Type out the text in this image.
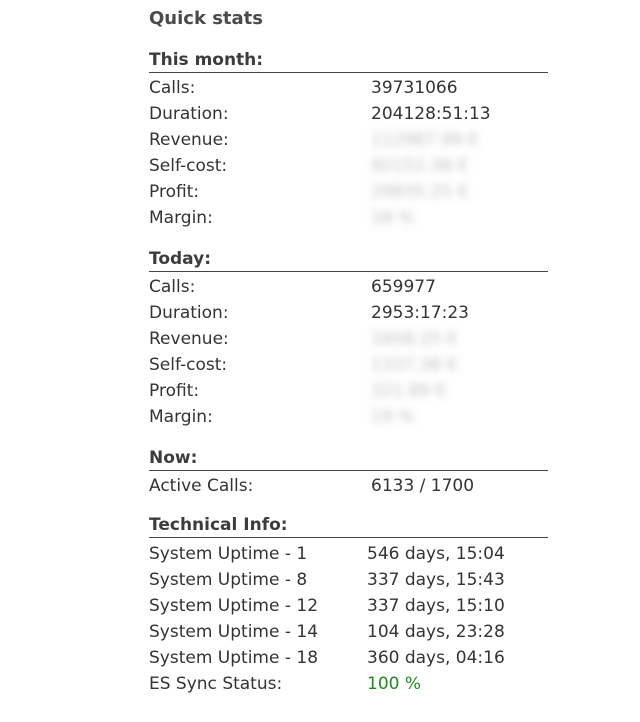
Quick stats
This month:
Calls:	39731066
Duration:	204128:51:13
Revenue:	112987.99 €
Self-cost:	92152.38 €
Profit:	20835.25 €
Margin:	18 %
Today:
Calls:	659977
Duration:	2953:17:23
Revenue:	1658.25 €
Self-cost:	1337.38 €
Profit:	321.89 €
Margin:	19 %
Now:
Active Calls:	6133 / 1700
Technical Info:
System Uptime - 1	546 days, 15:04
System Uptime - 8	337 days, 15:43
System Uptime - 12	337 days, 15:10
System Uptime - 14	104 days, 23:28
System Uptime - 18	360 days, 04:16
ES Sync Status:	100 %
